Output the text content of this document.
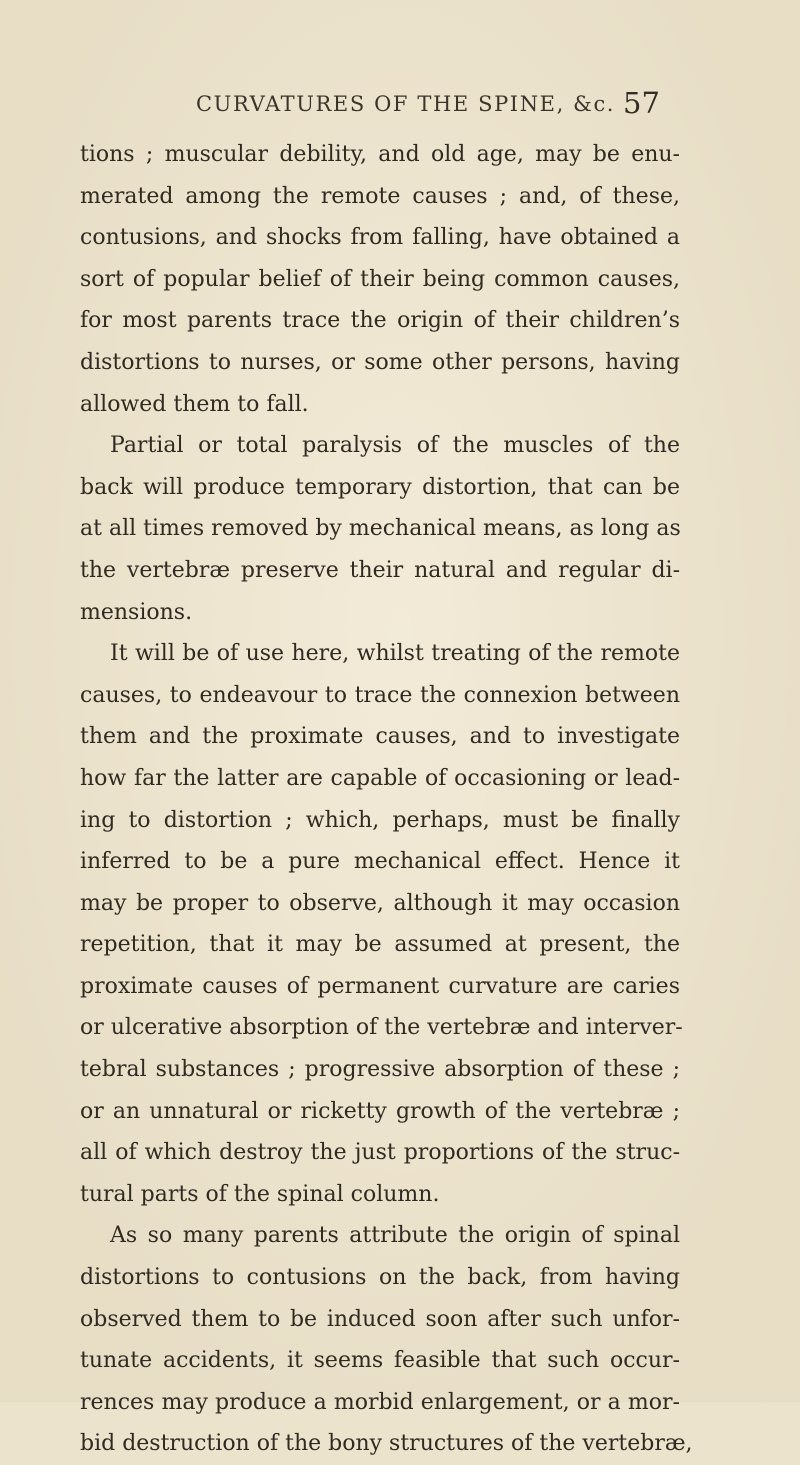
CURVATURES OF THE SPINE, &c. 57
tions ; muscular debility, and old age, may be enu-
merated among the remote causes ; and, of these,
contusions, and shocks from falling, have obtained a
sort of popular belief of their being common causes,
for most parents trace the origin of their children’s
distortions to nurses, or some other persons, having
allowed them to fall.
Partial or total paralysis of the muscles of the
back will produce temporary distortion, that can be
at all times removed by mechanical means, as long as
the vertebræ preserve their natural and regular di-
mensions.
It will be of use here, whilst treating of the remote
causes, to endeavour to trace the connexion between
them and the proximate causes, and to investigate
how far the latter are capable of occasioning or lead-
ing to distortion ; which, perhaps, must be finally
inferred to be a pure mechanical effect. Hence it
may be proper to observe, although it may occasion
repetition, that it may be assumed at present, the
proximate causes of permanent curvature are caries
or ulcerative absorption of the vertebræ and interver-
tebral substances ; progressive absorption of these ;
or an unnatural or ricketty growth of the vertebræ ;
all of which destroy the just proportions of the struc-
tural parts of the spinal column.
As so many parents attribute the origin of spinal
distortions to contusions on the back, from having
observed them to be induced soon after such unfor-
tunate accidents, it seems feasible that such occur-
rences may produce a morbid enlargement, or a mor-
bid destruction of the bony structures of the vertebræ,
